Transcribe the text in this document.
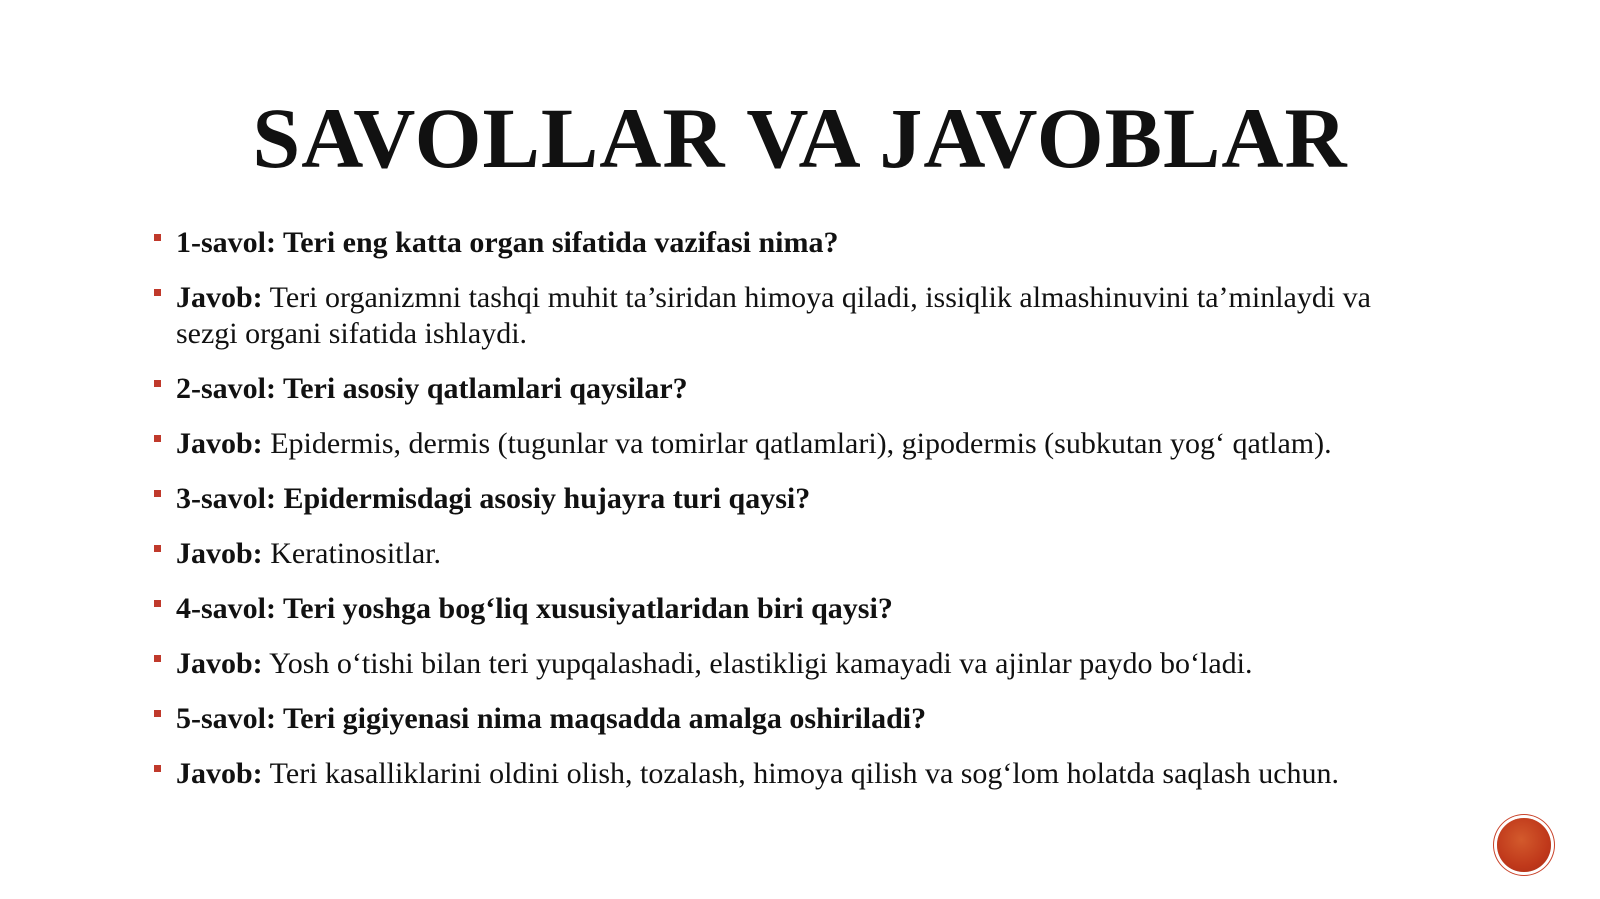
SAVOLLAR VA JAVOBLAR
1-savol: Teri eng katta organ sifatida vazifasi nima?
Javob: Teri organizmni tashqi muhit ta’siridan himoya qiladi, issiqlik almashinuvini ta’minlaydi va sezgi organi sifatida ishlaydi.
2-savol: Teri asosiy qatlamlari qaysilar?
Javob: Epidermis, dermis (tugunlar va tomirlar qatlamlari), gipodermis (subkutan yog‘ qatlam).
3-savol: Epidermisdagi asosiy hujayra turi qaysi?
Javob: Keratinositlar.
4-savol: Teri yoshga bog‘liq xususiyatlaridan biri qaysi?
Javob: Yosh o‘tishi bilan teri yupqalashadi, elastikligi kamayadi va ajinlar paydo bo‘ladi.
5-savol: Teri gigiyenasi nima maqsadda amalga oshiriladi?
Javob: Teri kasalliklarini oldini olish, tozalash, himoya qilish va sog‘lom holatda saqlash uchun.
